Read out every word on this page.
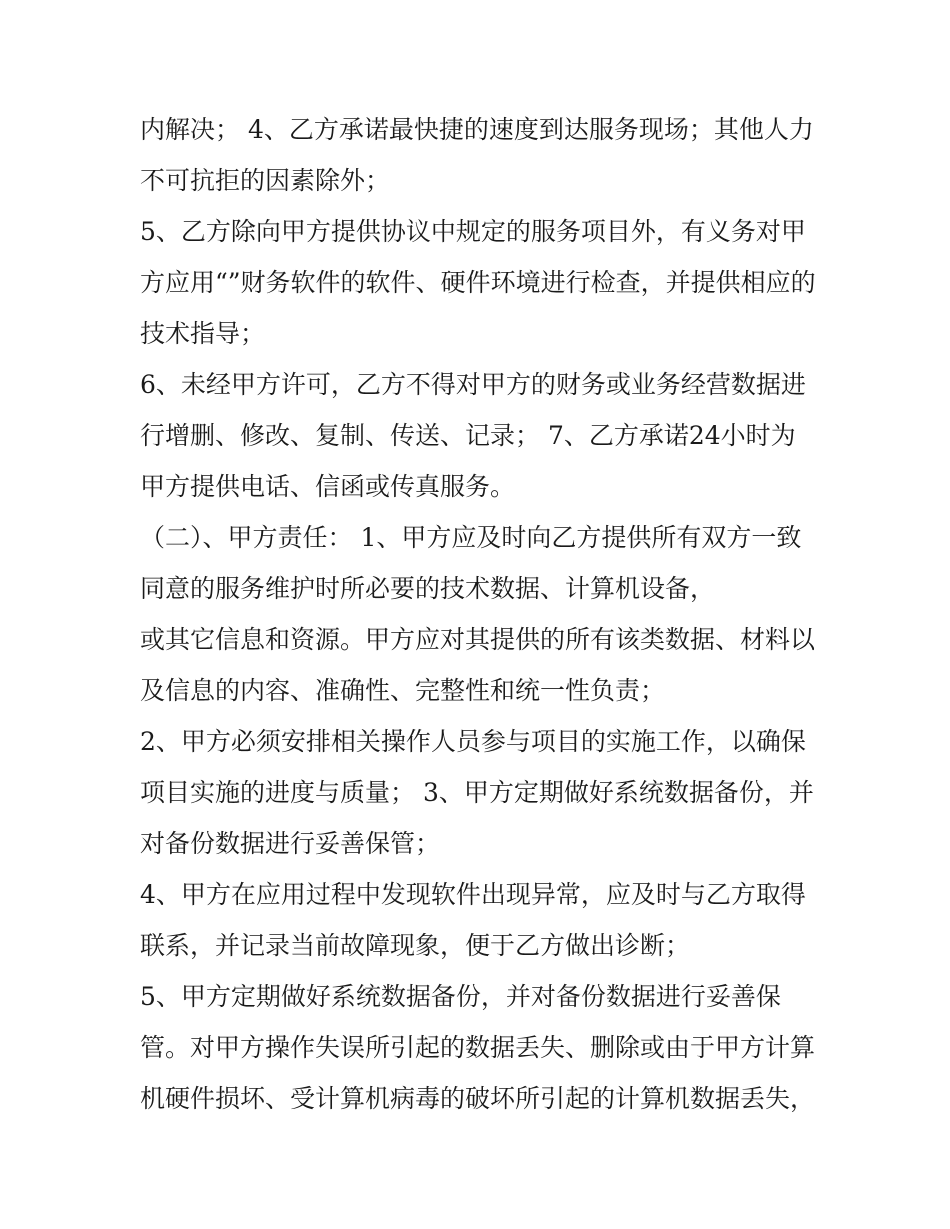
内解决； 4、乙方承诺最快捷的速度到达服务现场；其他人力
不可抗拒的因素除外；
5、乙方除向甲方提供协议中规定的服务项目外，有义务对甲
方应用“”财务软件的软件、硬件环境进行检查，并提供相应的
技术指导；
6、未经甲方许可，乙方不得对甲方的财务或业务经营数据进
行增删、修改、复制、传送、记录； 7、乙方承诺24小时为
甲方提供电话、信函或传真服务。
（二）、甲方责任： 1、甲方应及时向乙方提供所有双方一致
同意的服务维护时所必要的技术数据、计算机设备，
或其它信息和资源。甲方应对其提供的所有该类数据、材料以
及信息的内容、准确性、完整性和统一性负责；
2、甲方必须安排相关操作人员参与项目的实施工作，以确保
项目实施的进度与质量； 3、甲方定期做好系统数据备份，并
对备份数据进行妥善保管；
4、甲方在应用过程中发现软件出现异常，应及时与乙方取得
联系，并记录当前故障现象，便于乙方做出诊断；
5、甲方定期做好系统数据备份，并对备份数据进行妥善保
管。对甲方操作失误所引起的数据丢失、删除或由于甲方计算
机硬件损坏、受计算机病毒的破坏所引起的计算机数据丢失，
